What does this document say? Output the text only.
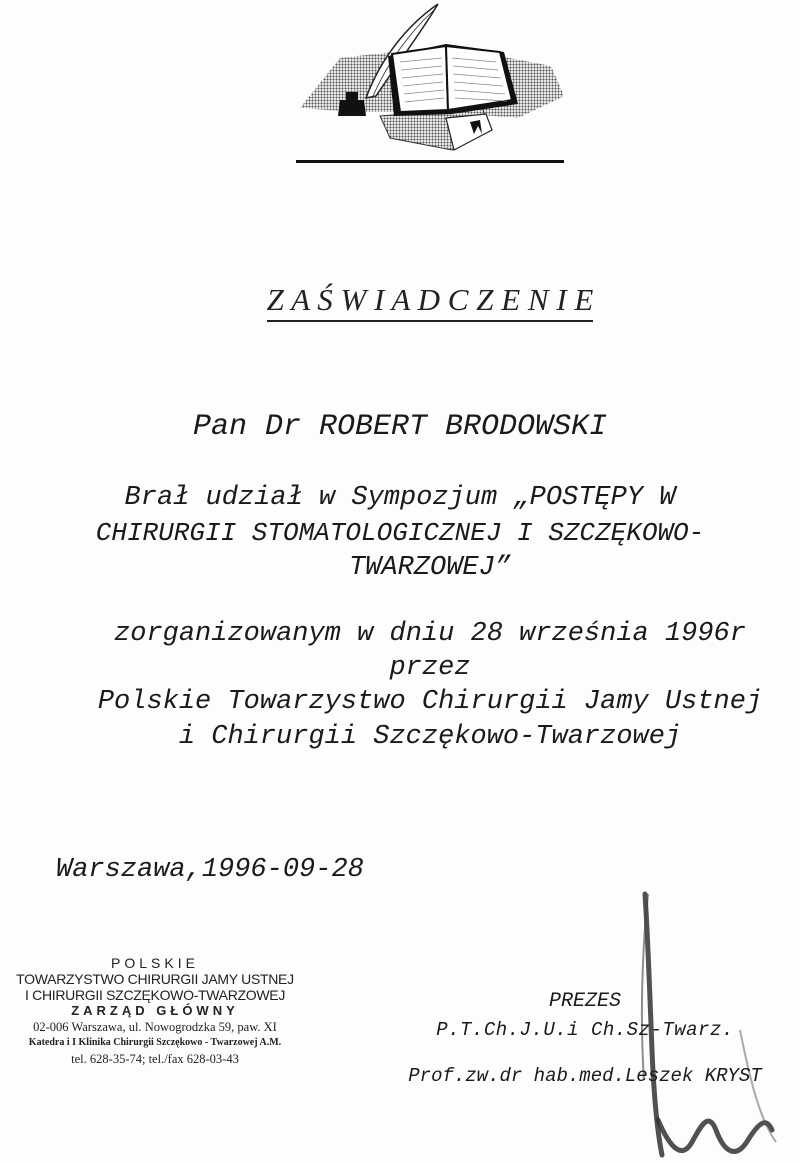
Z A Ś W I A D C Z E N I E
Pan Dr ROBERT BRODOWSKI
Brał udział w Sympozjum „POSTĘPY W
CHIRURGII STOMATOLOGICZNEJ I SZCZĘKOWO-
TWARZOWEJ”
zorganizowanym w dniu 28 września 1996r
przez
Polskie Towarzystwo Chirurgii Jamy Ustnej
i Chirurgii Szczękowo-Twarzowej
Warszawa,1996-09-28
POLSKIE
TOWARZYSTWO CHIRURGII JAMY USTNEJ
I CHIRURGII SZCZĘKOWO-TWARZOWEJ
ZARZĄD GŁÓWNY
02-006 Warszawa, ul. Nowogrodzka 59, paw. XI
Katedra i I Klinika Chirurgii Szczękowo - Twarzowej A.M.
tel. 628-35-74; tel./fax 628-03-43
PREZES
P.T.Ch.J.U.i Ch.Sz-Twarz.
Prof.zw.dr hab.med.Leszek KRYST
